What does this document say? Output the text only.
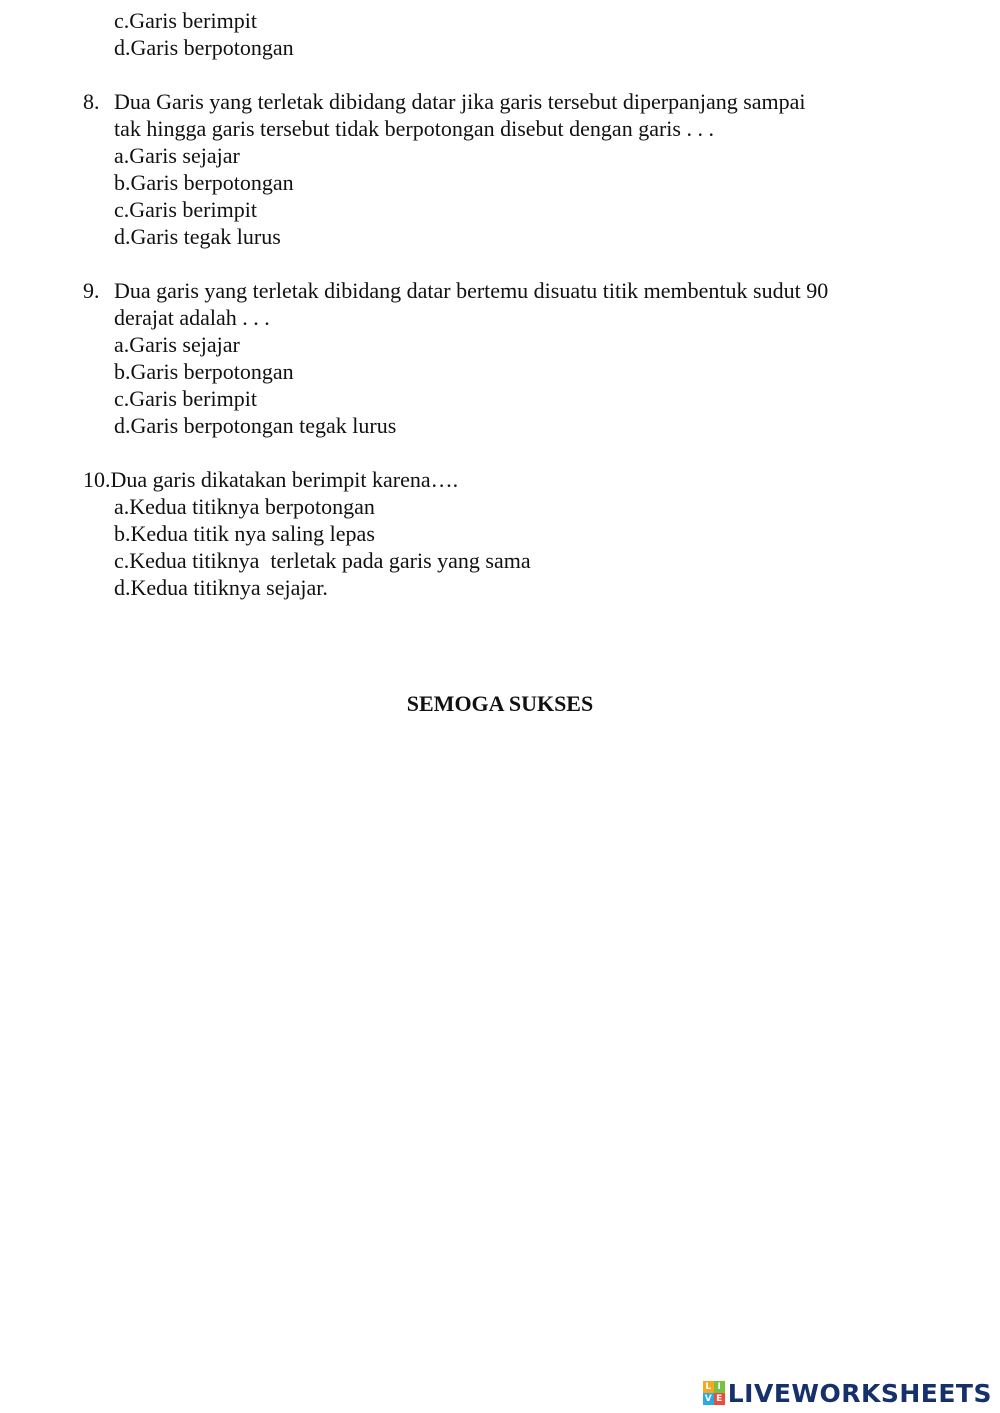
c.Garis berimpit
d.Garis berpotongan
8. Dua Garis yang terletak dibidang datar jika garis tersebut diperpanjang sampai
tak hingga garis tersebut tidak berpotongan disebut dengan garis . . .
a.Garis sejajar
b.Garis berpotongan
c.Garis berimpit
d.Garis tegak lurus
9. Dua garis yang terletak dibidang datar bertemu disuatu titik membentuk sudut 90
derajat adalah . . .
a.Garis sejajar
b.Garis berpotongan
c.Garis berimpit
d.Garis berpotongan tegak lurus
10.Dua garis dikatakan berimpit karena….
a.Kedua titiknya berpotongan
b.Kedua titik nya saling lepas
c.Kedua titiknya  terletak pada garis yang sama
d.Kedua titiknya sejajar.
SEMOGA SUKSES
L I
V E LIVEWORKSHEETS
